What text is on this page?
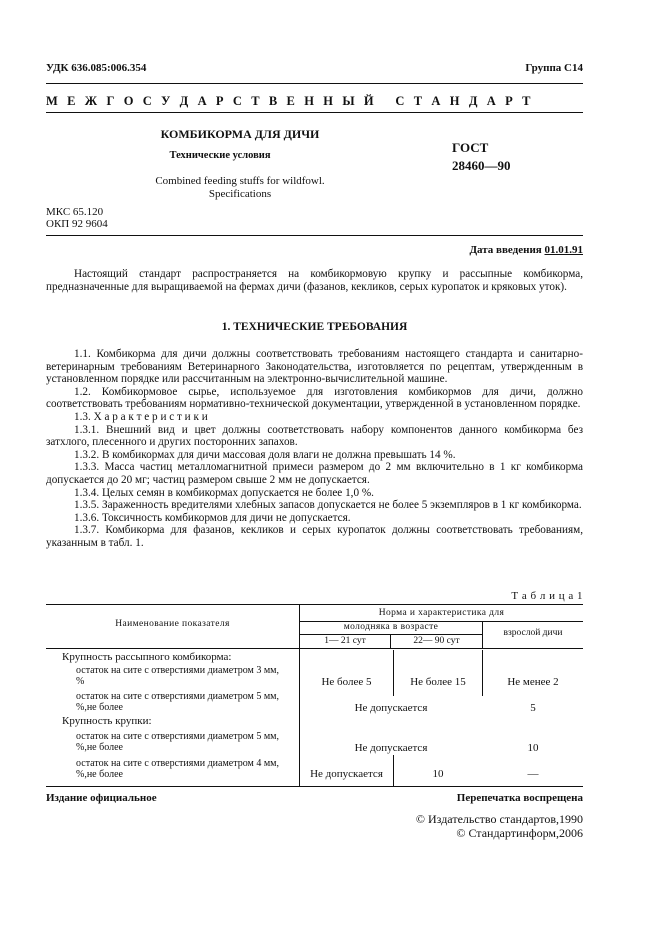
УДК 636.085:006.354	Группа С14
М Е Ж Г О С У Д А Р С Т В Е Н Н Ы Й   С Т А Н Д А Р Т
КОМБИКОРМА ДЛЯ ДИЧИ
Технические условия
Combined feeding stuffs for wildfowl.
Specifications
ГОСТ
28460—90
МКС 65.120
ОКП 92 9604
Дата введения 01.01.91

Настоящий стандарт распространяется на комбикормовую крупку и рассыпные комбикорма, предназначенные для выращиваемой на фермах дичи (фазанов, кекликов, серых куропаток и кряковых уток).

1. ТЕХНИЧЕСКИЕ ТРЕБОВАНИЯ

1.1. Комбикорма для дичи должны соответствовать требованиям настоящего стандарта и санитарно-ветеринарным требованиям Ветеринарного Законодательства, изготовляется по рецептам, утвержденным в установленном порядке или рассчитанным на электронно-вычислительной машине.

1.2. Комбикормовое сырье, используемое для изготовления комбикормов для дичи, должно соответствовать требованиям нормативно-технической документации, утвержденной в установленном порядке.

1.3. Х а р а к т е р и с т и к и

1.3.1. Внешний вид и цвет должны соответствовать набору компонентов данного комбикорма без затхлого, плесенного и других посторонних запахов.

1.3.2. В комбикормах для дичи массовая доля влаги не должна превышать 14 %.

1.3.3. Масса частиц металломагнитной примеси размером до 2 мм включительно в 1 кг комбикорма допускается до 20 мг; частиц размером свыше 2 мм не допускается.

1.3.4. Целых семян в комбикормах допускается не более 1,0 %.

1.3.5. Зараженность вредителями хлебных запасов допускается не более 5 экземпляров в 1 кг комбикорма.

1.3.6. Токсичность комбикормов для дичи не допускается.

1.3.7. Комбикорма для фазанов, кекликов и серых куропаток должны соответствовать требованиям, указанным в табл. 1.

Т а б л и ц а 1
Наименование показателя
Норма и характеристика для
молодняка в возрасте
1— 21 сут	22— 90 сут
взрослой дичи
Крупность рассыпного комбикорма:
остаток на сите с отверстиями диаметром 3 мм,
%	Не более 5	Не более 15	Не менее 2
остаток на сите с отверстиями диаметром 5 мм,
%,не более	Не допускается	5
Крупность крупки:
остаток на сите с отверстиями диаметром 5 мм,
%,не более	Не допускается	10
остаток на сите с отверстиями диаметром 4 мм,
%,не более	Не допускается	10	—
Издание официальное	Перепечатка воспрещена
© Издательство стандартов,1990
© Стандартинформ,2006
